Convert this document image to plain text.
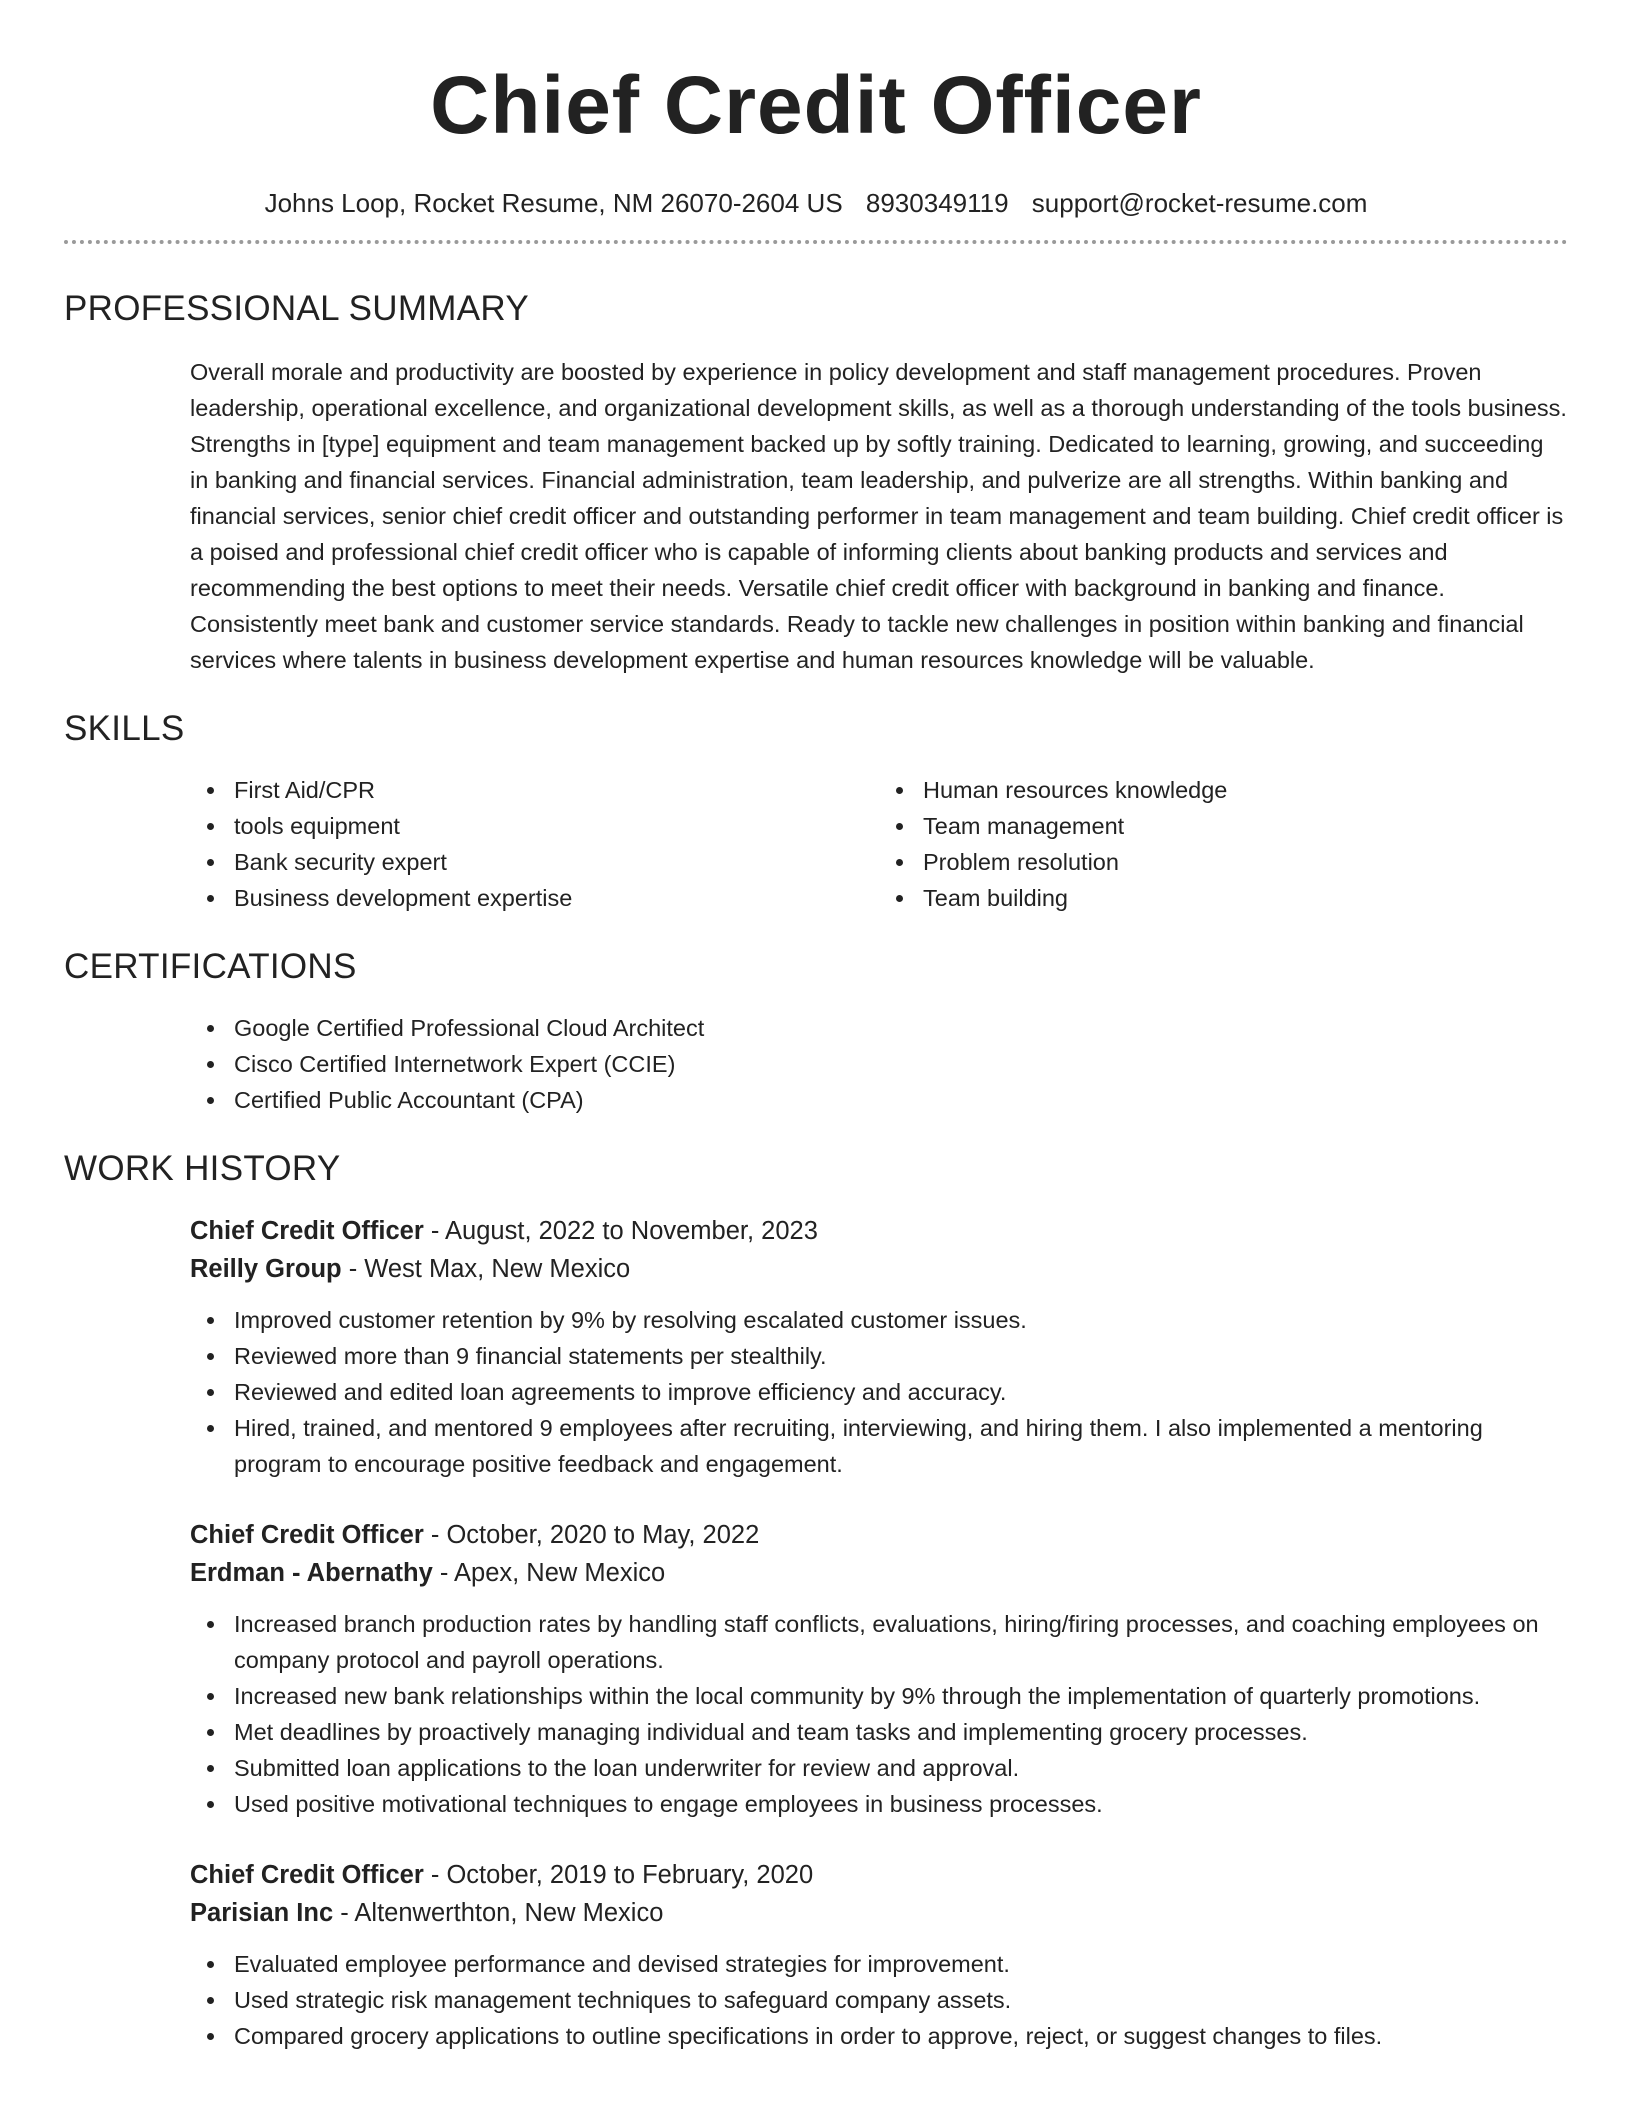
Chief Credit Officer
Johns Loop, Rocket Resume, NM 26070-2604 US 8930349119 support@rocket-resume.com
PROFESSIONAL SUMMARY

Overall morale and productivity are boosted by experience in policy development and staff management procedures. Proven leadership, operational excellence, and organizational development skills, as well as a thorough understanding of the tools business. Strengths in [type] equipment and team management backed up by softly training. Dedicated to learning, growing, and succeeding in banking and financial services. Financial administration, team leadership, and pulverize are all strengths. Within banking and financial services, senior chief credit officer and outstanding performer in team management and team building. Chief credit officer is a poised and professional chief credit officer who is capable of informing clients about banking products and services and recommending the best options to meet their needs. Versatile chief credit officer with background in banking and finance. Consistently meet bank and customer service standards. Ready to tackle new challenges in position within banking and financial services where talents in business development expertise and human resources knowledge will be valuable.

SKILLS
First Aid/CPR
tools equipment
Bank security expert
Business development expertise
Human resources knowledge
Team management
Problem resolution
Team building
CERTIFICATIONS
Google Certified Professional Cloud Architect
Cisco Certified Internetwork Expert (CCIE)
Certified Public Accountant (CPA)
WORK HISTORY
Chief Credit Officer - August, 2022 to November, 2023
Reilly Group - West Max, New Mexico
Improved customer retention by 9% by resolving escalated customer issues.
Reviewed more than 9 financial statements per stealthily.
Reviewed and edited loan agreements to improve efficiency and accuracy.
Hired, trained, and mentored 9 employees after recruiting, interviewing, and hiring them. I also implemented a mentoring program to encourage positive feedback and engagement.
Chief Credit Officer - October, 2020 to May, 2022
Erdman - Abernathy - Apex, New Mexico
Increased branch production rates by handling staff conflicts, evaluations, hiring/firing processes, and coaching employees on company protocol and payroll operations.
Increased new bank relationships within the local community by 9% through the implementation of quarterly promotions.
Met deadlines by proactively managing individual and team tasks and implementing grocery processes.
Submitted loan applications to the loan underwriter for review and approval.
Used positive motivational techniques to engage employees in business processes.
Chief Credit Officer - October, 2019 to February, 2020
Parisian Inc - Altenwerthton, New Mexico
Evaluated employee performance and devised strategies for improvement.
Used strategic risk management techniques to safeguard company assets.
Compared grocery applications to outline specifications in order to approve, reject, or suggest changes to files.
